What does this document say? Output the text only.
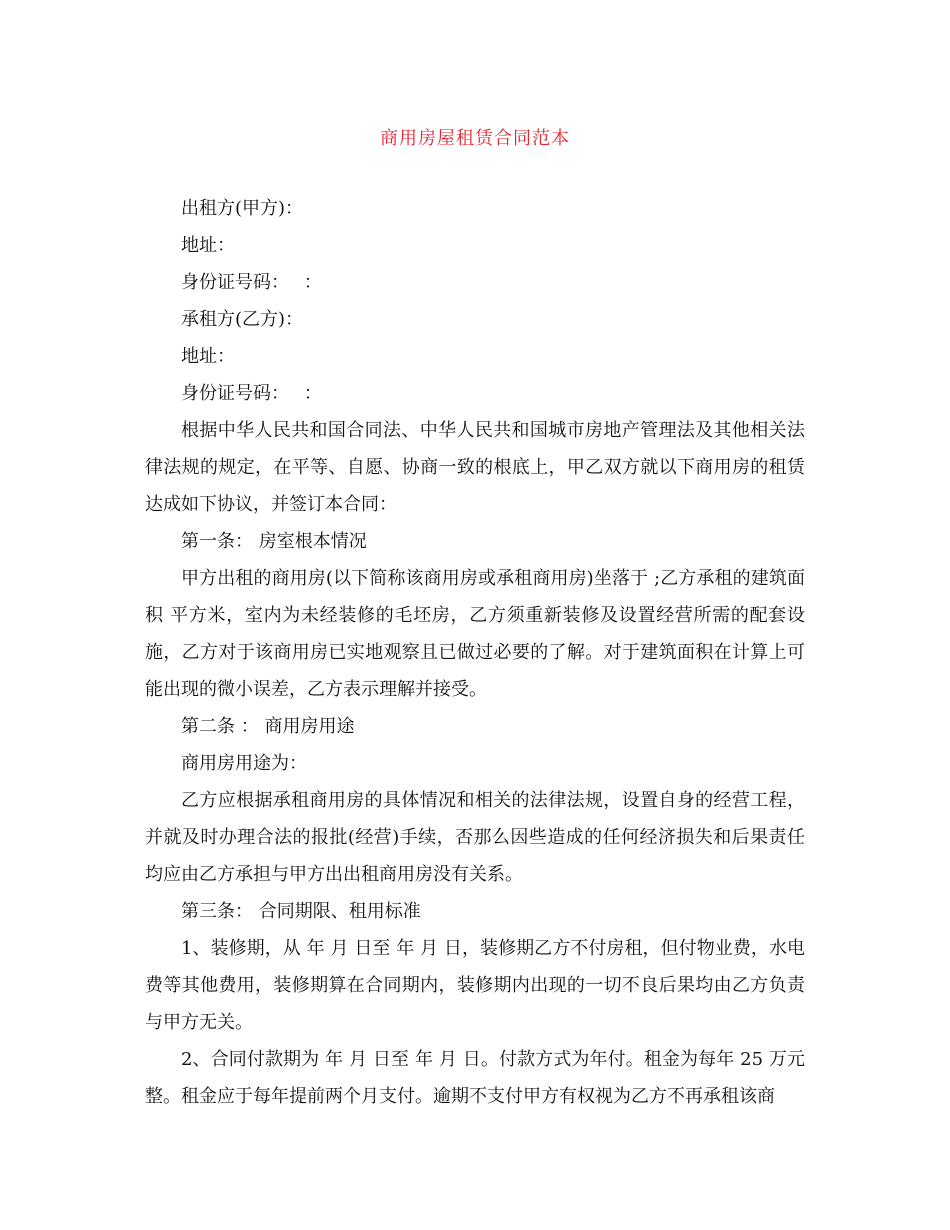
商用房屋租赁合同范本

出租方(甲方)：

地址：

身份证号码：　 ：

承租方(乙方)：

地址：

身份证号码：　 ：

根据中华人民共和国合同法、中华人民共和国城市房地产管理法及其他相关法律法规的规定，在平等、自愿、协商一致的根底上，甲乙双方就以下商用房的租赁达成如下协议，并签订本合同：

第一条： 房室根本情况

甲方出租的商用房(以下简称该商用房或承租商用房)坐落于 ;乙方承租的建筑面积 平方米，室内为未经装修的毛坯房，乙方须重新装修及设置经营所需的配套设施，乙方对于该商用房已实地观察且已做过必要的了解。对于建筑面积在计算上可能出现的微小误差，乙方表示理解并接受。

第二条 ： 商用房用途

商用房用途为：

乙方应根据承租商用房的具体情况和相关的法律法规，设置自身的经营工程，并就及时办理合法的报批(经营)手续，否那么因些造成的任何经济损失和后果责任均应由乙方承担与甲方出出租商用房没有关系。

第三条： 合同期限、租用标准

1、装修期，从 年 月 日至 年 月 日，装修期乙方不付房租，但付物业费，水电费等其他费用，装修期算在合同期内，装修期内出现的一切不良后果均由乙方负责与甲方无关。

2、合同付款期为 年 月 日至 年 月 日。付款方式为年付。租金为每年 25 万元整。租金应于每年提前两个月支付。逾期不支付甲方有权视为乙方不再承租该商
